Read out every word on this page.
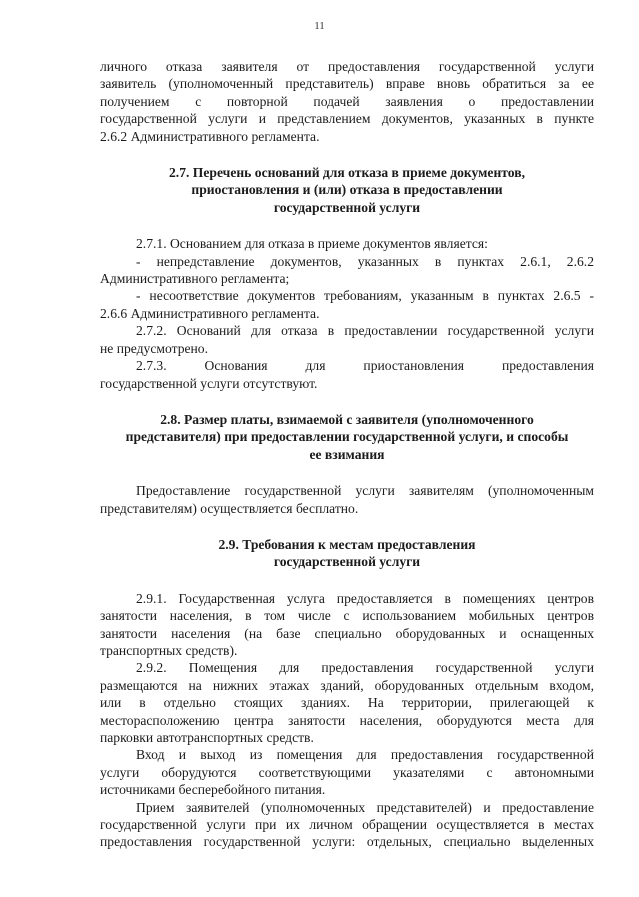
11
личного отказа заявителя от предоставления государственной услуги
заявитель (уполномоченный представитель) вправе вновь обратиться за ее
получением с повторной подачей заявления о предоставлении
государственной услуги и представлением документов, указанных в пункте
2.6.2 Административного регламента.
2.7. Перечень оснований для отказа в приеме документов,
приостановления и (или) отказа в предоставлении
государственной услуги
2.7.1. Основанием для отказа в приеме документов является:
- непредставление документов, указанных в пунктах 2.6.1, 2.6.2
Административного регламента;
- несоответствие документов требованиям, указанным в пунктах 2.6.5 -
2.6.6 Административного регламента.
2.7.2. Оснований для отказа в предоставлении государственной услуги
не предусмотрено.
2.7.3. Основания для приостановления предоставления
государственной услуги отсутствуют.
2.8. Размер платы, взимаемой с заявителя (уполномоченного
представителя) при предоставлении государственной услуги, и способы
ее взимания
Предоставление государственной услуги заявителям (уполномоченным
представителям) осуществляется бесплатно.
2.9. Требования к местам предоставления
государственной услуги
2.9.1. Государственная услуга предоставляется в помещениях центров
занятости населения, в том числе с использованием мобильных центров
занятости населения (на базе специально оборудованных и оснащенных
транспортных средств).
2.9.2. Помещения для предоставления государственной услуги
размещаются на нижних этажах зданий, оборудованных отдельным входом,
или в отдельно стоящих зданиях. На территории, прилегающей к
месторасположению центра занятости населения, оборудуются места для
парковки автотранспортных средств.
Вход и выход из помещения для предоставления государственной
услуги оборудуются соответствующими указателями с автономными
источниками бесперебойного питания.
Прием заявителей (уполномоченных представителей) и предоставление
государственной услуги при их личном обращении осуществляется в местах
предоставления государственной услуги: отдельных, специально выделенных
